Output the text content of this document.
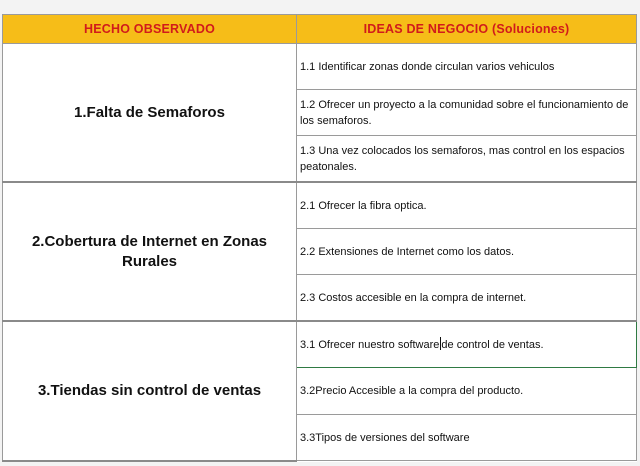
HECHO OBSERVADO	IDEAS DE NEGOCIO (Soluciones)
1.Falta de Semaforos	1.1 Identificar zonas donde circulan varios vehiculos
	1.2 Ofrecer un proyecto a la comunidad sobre el funcionamiento de los semaforos.
	1.3 Una vez colocados los semaforos, mas control en los espacios peatonales.
2.Cobertura de Internet en Zonas Rurales	2.1 Ofrecer la fibra optica.
	2.2 Extensiones de Internet como los datos.
	2.3 Costos accesible en la compra de internet.
3.Tiendas sin control de ventas	3.1 Ofrecer nuestro software de control de ventas.
	3.2Precio Accesible a la compra del producto.
	3.3Tipos de versiones del software
